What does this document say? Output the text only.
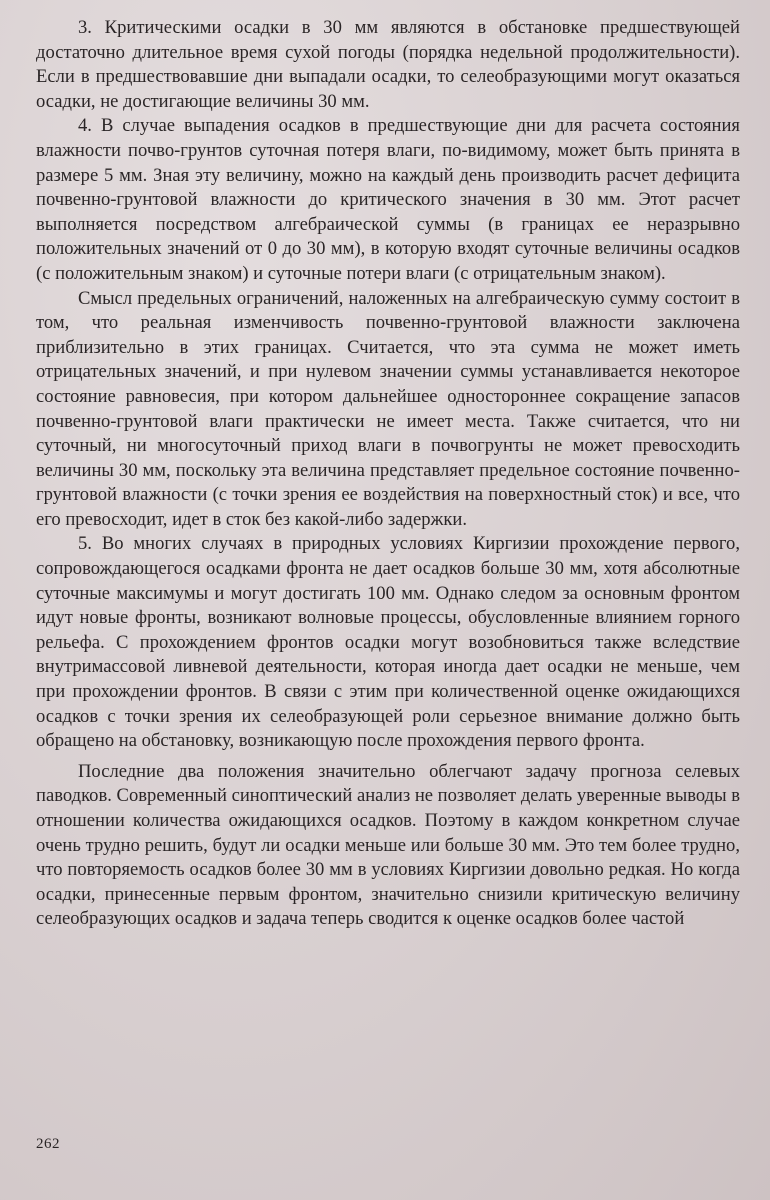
3. Критическими осадки в 30 мм являются в обстановке предшествующей достаточно длительное время сухой погоды (порядка недельной продолжительности). Если в предшествовавшие дни выпадали осадки, то селеобразующими могут оказаться осадки, не достигающие величины 30 мм.

4. В случае выпадения осадков в предшествующие дни для расчета состояния влажности почво-грунтов суточная потеря влаги, по-видимому, может быть принята в размере 5 мм. Зная эту величину, можно на каждый день производить расчет дефицита почвенно-грунтовой влажности до критического значения в 30 мм. Этот расчет выполняется посредством алгебраической суммы (в границах ее неразрывно положительных значений от 0 до 30 мм), в которую входят суточные величины осадков (с положительным знаком) и суточные потери влаги (с отрицательным знаком).

Смысл предельных ограничений, наложенных на алгебраическую сумму состоит в том, что реальная изменчивость почвенно-грунтовой влажности заключена приблизительно в этих границах. Считается, что эта сумма не может иметь отрицательных значений, и при нулевом значении суммы устанавливается некоторое состояние равновесия, при котором дальнейшее одностороннее сокращение запасов почвенно-грунтовой влаги практически не имеет места. Также считается, что ни суточный, ни многосуточный приход влаги в почвогрунты не может превосходить величины 30 мм, поскольку эта величина представляет предельное состояние почвенно-грунтовой влажности (с точки зрения ее воздействия на поверхностный сток) и все, что его превосходит, идет в сток без какой-либо задержки.

5. Во многих случаях в природных условиях Киргизии прохождение первого, сопровождающегося осадками фронта не дает осадков больше 30 мм, хотя абсолютные суточные максимумы и могут достигать 100 мм. Однако следом за основным фронтом идут новые фронты, возникают волновые процессы, обусловленные влиянием горного рельефа. С прохождением фронтов осадки могут возобновиться также вследствие внутримассовой ливневой деятельности, которая иногда дает осадки не меньше, чем при прохождении фронтов. В связи с этим при количественной оценке ожидающихся осадков с точки зрения их селеобразующей роли серьезное внимание должно быть обращено на обстановку, возникающую после прохождения первого фронта.

Последние два положения значительно облегчают задачу прогноза селевых паводков. Современный синоптический анализ не позволяет делать уверенные выводы в отношении количества ожидающихся осадков. Поэтому в каждом конкретном случае очень трудно решить, будут ли осадки меньше или больше 30 мм. Это тем более трудно, что повторяемость осадков более 30 мм в условиях Киргизии довольно редкая. Но когда осадки, принесенные первым фронтом, значительно снизили критическую величину селеобразующих осадков и задача теперь сводится к оценке осадков более частой

262
